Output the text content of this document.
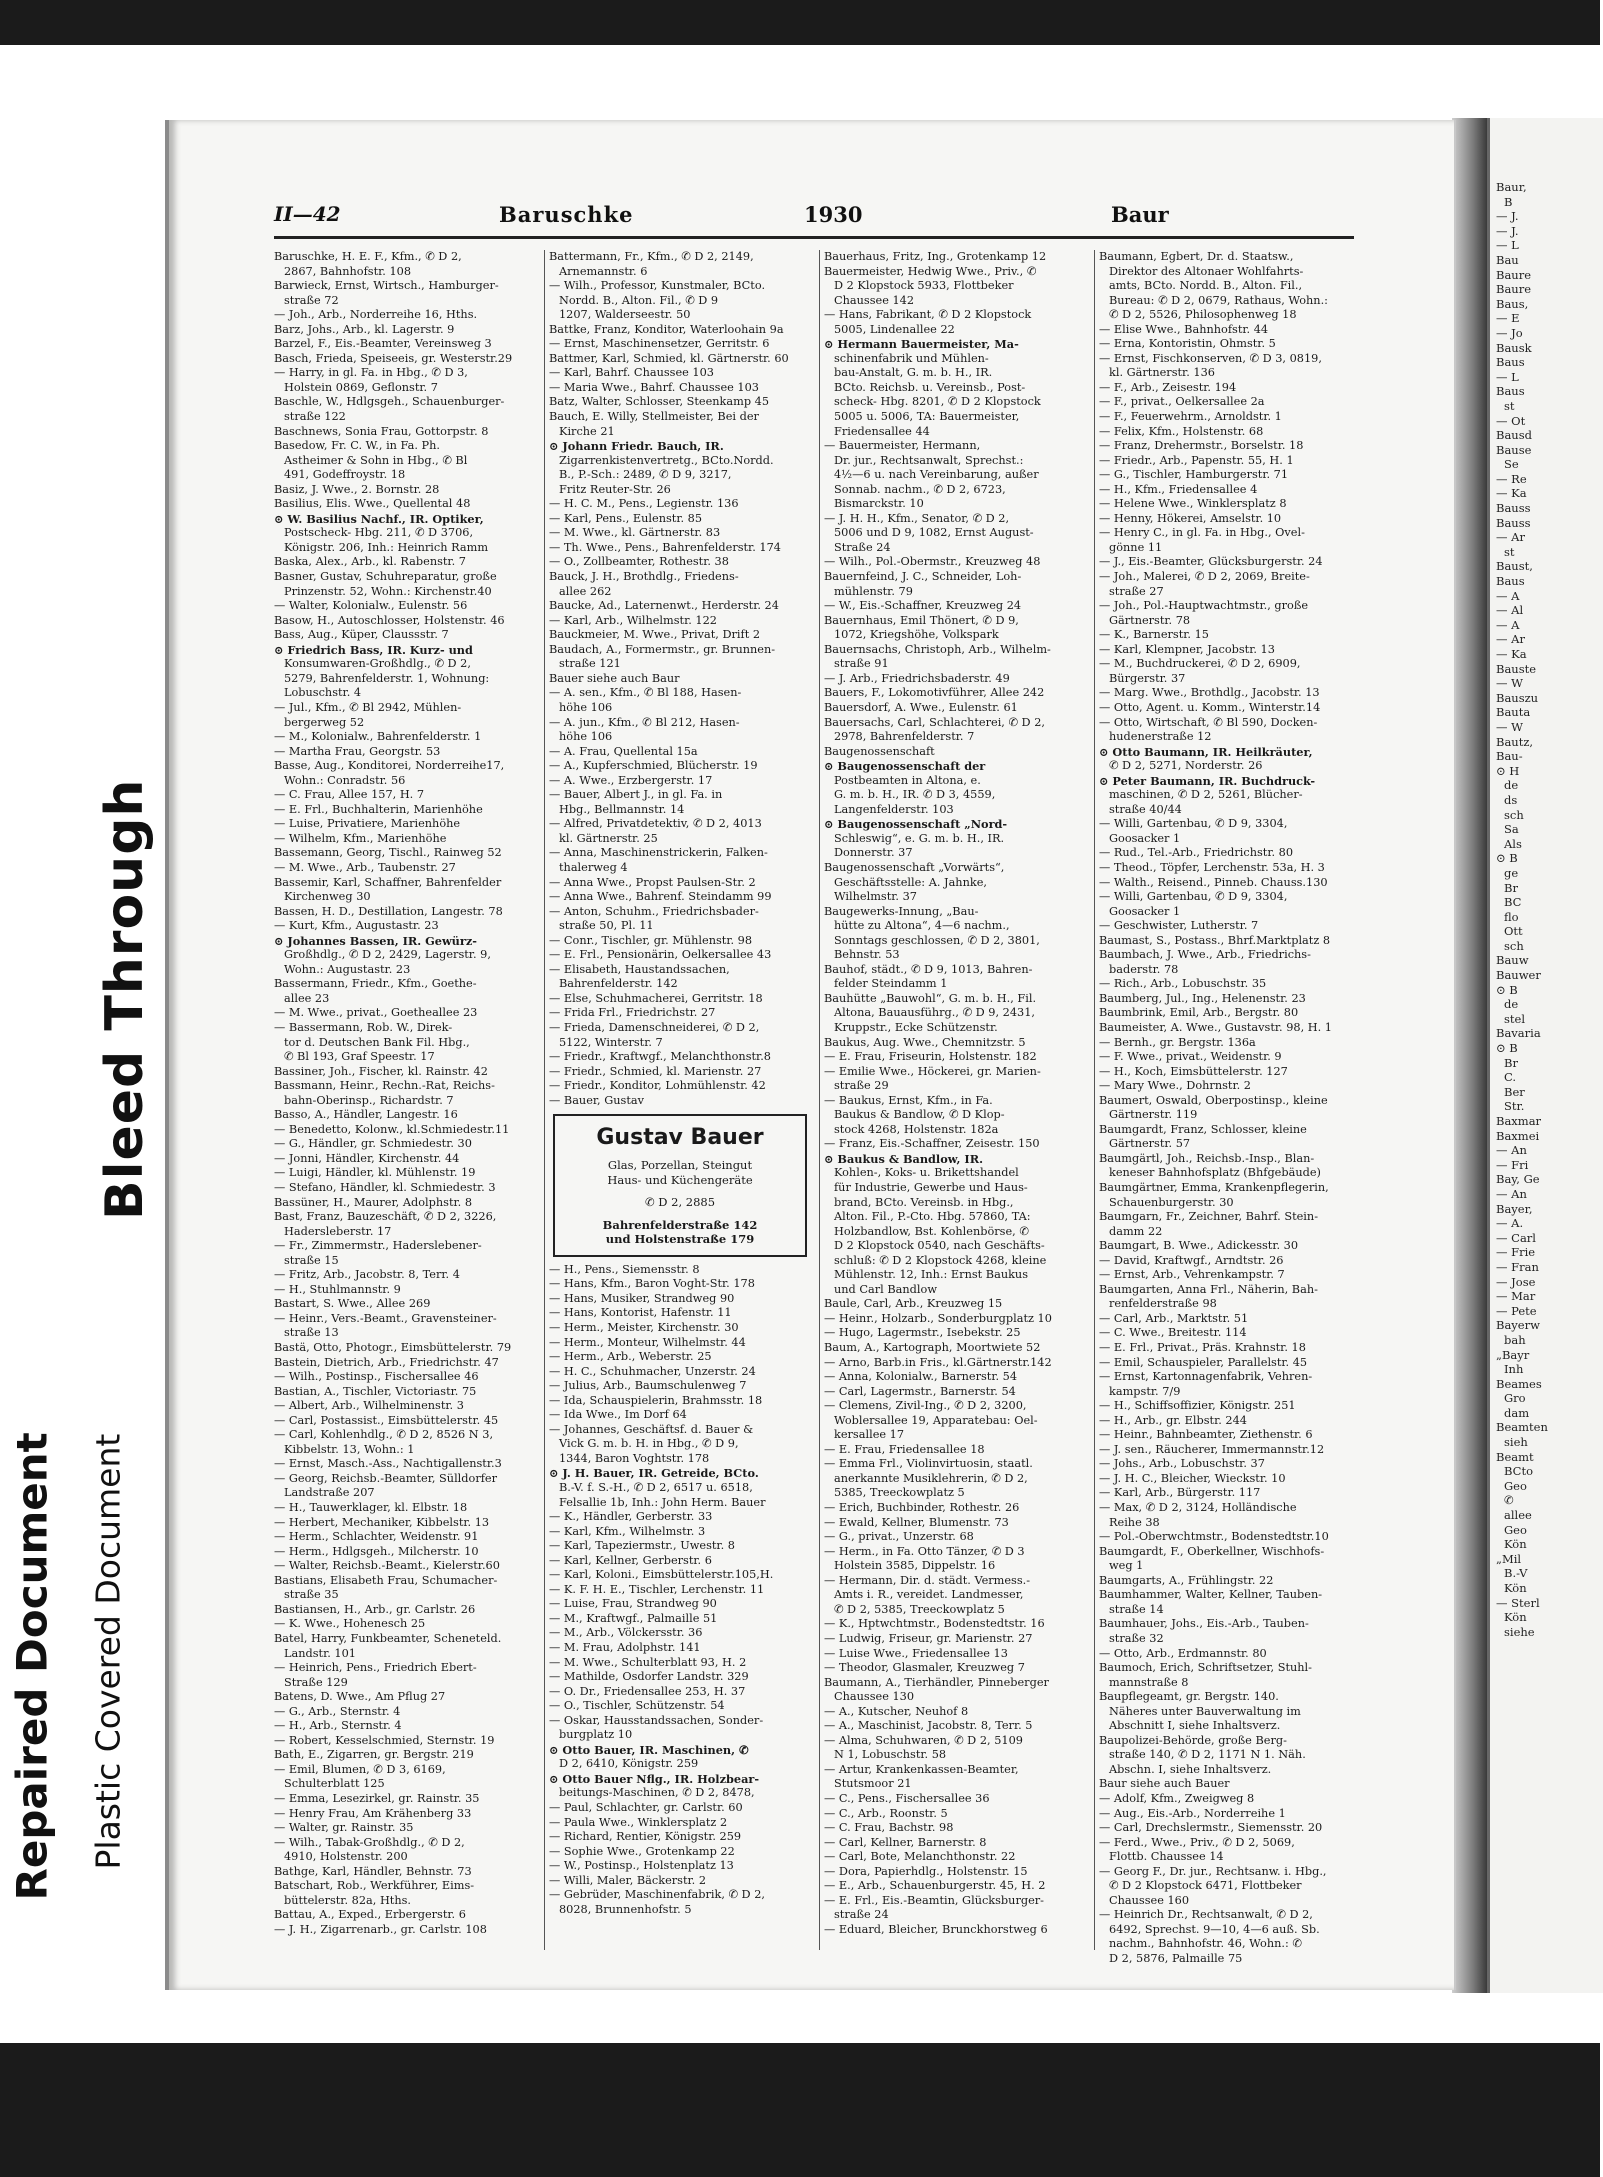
Bleed Through
Repaired Document Plastic Covered Document
Baur,
B
— J.
— J.
— L
Bau
Baure
Baure
Baus,
— E
— Jo
Bausk
Baus
— L
Baus
st
— Ot
Bausd
Bause
Se
— Re
— Ka
Bauss
Bauss
— Ar
st
Baust,
Baus
— A
— Al
— A
— Ar
— Ka
Bauste
— W
Bauszu
Bauta
— W
Bautz,
Bau-
⊙ H
de
ds
sch
Sa
Als
⊙ B
ge
Br
BC
flo
Ott
sch
Bauw
Bauwer
⊙ B
de
stel
Bavaria
⊙ B
Br
C.
Ber
Str.
Baxmar
Baxmei
— An
— Fri
Bay, Ge
— An
Bayer,
— A.
— Carl
— Frie
— Fran
— Jose
— Mar
— Pete
Bayerw
bah
„Bayr
Inh
Beames
Gro
dam
Beamten
sieh
Beamt
BCto
Geo
✆
allee
Geo
Kön
„Mil
B.-V
Kön
— Sterl
Kön
siehe
II—42	Baruschke	1930	Baur
Baruschke, H. E. F., Kfm., ✆ D 2,
2867, Bahnhofstr. 108
Barwieck, Ernst, Wirtsch., Hamburger-
straße 72
— Joh., Arb., Norderreihe 16, Hths.
Barz, Johs., Arb., kl. Lagerstr. 9
Barzel, F., Eis.-Beamter, Vereinsweg 3
Basch, Frieda, Speiseeis, gr. Westerstr.29
— Harry, in gl. Fa. in Hbg., ✆ D 3,
Holstein 0869, Geflonstr. 7
Baschle, W., Hdlgsgeh., Schauenburger-
straße 122
Baschnews, Sonia Frau, Gottorpstr. 8
Basedow, Fr. C. W., in Fa. Ph.
Astheimer & Sohn in Hbg., ✆ Bl
491, Godeffroystr. 18
Basiz, J. Wwe., 2. Bornstr. 28
Basilius, Elis. Wwe., Quellental 48
⊙ W. Basilius Nachf., IR. Optiker,
Postscheck- Hbg. 211, ✆ D 3706,
Königstr. 206, Inh.: Heinrich Ramm
Baska, Alex., Arb., kl. Rabenstr. 7
Basner, Gustav, Schuhreparatur, große
Prinzenstr. 52, Wohn.: Kirchenstr.40
— Walter, Kolonialw., Eulenstr. 56
Basow, H., Autoschlosser, Holstenstr. 46
Bass, Aug., Küper, Claussstr. 7
⊙ Friedrich Bass, IR. Kurz- und
Konsumwaren-Großhdlg., ✆ D 2,
5279, Bahrenfelderstr. 1, Wohnung:
Lobuschstr. 4
— Jul., Kfm., ✆ Bl 2942, Mühlen-
bergerweg 52
— M., Kolonialw., Bahrenfelderstr. 1
— Martha Frau, Georgstr. 53
Basse, Aug., Konditorei, Norderreihe17,
Wohn.: Conradstr. 56
— C. Frau, Allee 157, H. 7
— E. Frl., Buchhalterin, Marienhöhe
— Luise, Privatiere, Marienhöhe
— Wilhelm, Kfm., Marienhöhe
Bassemann, Georg, Tischl., Rainweg 52
— M. Wwe., Arb., Taubenstr. 27
Bassemir, Karl, Schaffner, Bahrenfelder
Kirchenweg 30
Bassen, H. D., Destillation, Langestr. 78
— Kurt, Kfm., Augustastr. 23
⊙ Johannes Bassen, IR. Gewürz-
Großhdlg., ✆ D 2, 2429, Lagerstr. 9,
Wohn.: Augustastr. 23
Bassermann, Friedr., Kfm., Goethe-
allee 23
— M. Wwe., privat., Goetheallee 23
— Bassermann, Rob. W., Direk-
tor d. Deutschen Bank Fil. Hbg.,
✆ Bl 193, Graf Speestr. 17
Bassiner, Joh., Fischer, kl. Rainstr. 42
Bassmann, Heinr., Rechn.-Rat, Reichs-
bahn-Oberinsp., Richardstr. 7
Basso, A., Händler, Langestr. 16
— Benedetto, Kolonw., kl.Schmiedestr.11
— G., Händler, gr. Schmiedestr. 30
— Jonni, Händler, Kirchenstr. 44
— Luigi, Händler, kl. Mühlenstr. 19
— Stefano, Händler, kl. Schmiedestr. 3
Bassüner, H., Maurer, Adolphstr. 8
Bast, Franz, Bauzeschäft, ✆ D 2, 3226,
Hadersleberstr. 17
— Fr., Zimmermstr., Haderslebener-
straße 15
— Fritz, Arb., Jacobstr. 8, Terr. 4
— H., Stuhlmannstr. 9
Bastart, S. Wwe., Allee 269
— Heinr., Vers.-Beamt., Gravensteiner-
straße 13
Bastä, Otto, Photogr., Eimsbüttelerstr. 79
Bastein, Dietrich, Arb., Friedrichstr. 47
— Wilh., Postinsp., Fischersallee 46
Bastian, A., Tischler, Victoriastr. 75
— Albert, Arb., Wilhelminenstr. 3
— Carl, Postassist., Eimsbüttelerstr. 45
— Carl, Kohlenhdlg., ✆ D 2, 8526 N 3,
Kibbelstr. 13, Wohn.: 1
— Ernst, Masch.-Ass., Nachtigallenstr.3
— Georg, Reichsb.-Beamter, Sülldorfer
Landstraße 207
— H., Tauwerklager, kl. Elbstr. 18
— Herbert, Mechaniker, Kibbelstr. 13
— Herm., Schlachter, Weidenstr. 91
— Herm., Hdlgsgeh., Milcherstr. 10
— Walter, Reichsb.-Beamt., Kielerstr.60
Bastians, Elisabeth Frau, Schumacher-
straße 35
Bastiansen, H., Arb., gr. Carlstr. 26
— K. Wwe., Hohenesch 25
Batel, Harry, Funkbeamter, Scheneteld.
Landstr. 101
— Heinrich, Pens., Friedrich Ebert-
Straße 129
Batens, D. Wwe., Am Pflug 27
— G., Arb., Sternstr. 4
— H., Arb., Sternstr. 4
— Robert, Kesselschmied, Sternstr. 19
Bath, E., Zigarren, gr. Bergstr. 219
— Emil, Blumen, ✆ D 3, 6169,
Schulterblatt 125
— Emma, Lesezirkel, gr. Rainstr. 35
— Henry Frau, Am Krähenberg 33
— Walter, gr. Rainstr. 35
— Wilh., Tabak-Großhdlg., ✆ D 2,
4910, Holstenstr. 200
Bathge, Karl, Händler, Behnstr. 73
Batschart, Rob., Werkführer, Eims-
büttelerstr. 82a, Hths.
Battau, A., Exped., Erbergerstr. 6
— J. H., Zigarrenarb., gr. Carlstr. 108
Battermann, Fr., Kfm., ✆ D 2, 2149,
Arnemannstr. 6
— Wilh., Professor, Kunstmaler, BCto.
Nordd. B., Alton. Fil., ✆ D 9
1207, Walderseestr. 50
Battke, Franz, Konditor, Waterloohain 9a
— Ernst, Maschinensetzer, Gerritstr. 6
Battmer, Karl, Schmied, kl. Gärtnerstr. 60
— Karl, Bahrf. Chaussee 103
— Maria Wwe., Bahrf. Chaussee 103
Batz, Walter, Schlosser, Steenkamp 45
Bauch, E. Willy, Stellmeister, Bei der
Kirche 21
⊙ Johann Friedr. Bauch, IR.
Zigarrenkistenvertretg., BCto.Nordd.
B., P.-Sch.: 2489, ✆ D 9, 3217,
Fritz Reuter-Str. 26
— H. C. M., Pens., Legienstr. 136
— Karl, Pens., Eulenstr. 85
— M. Wwe., kl. Gärtnerstr. 83
— Th. Wwe., Pens., Bahrenfelderstr. 174
— O., Zollbeamter, Rothestr. 38
Bauck, J. H., Brothdlg., Friedens-
allee 262
Baucke, Ad., Laternenwt., Herderstr. 24
— Karl, Arb., Wilhelmstr. 122
Bauckmeier, M. Wwe., Privat, Drift 2
Baudach, A., Formermstr., gr. Brunnen-
straße 121
Bauer siehe auch Baur
— A. sen., Kfm., ✆ Bl 188, Hasen-
höhe 106
— A. jun., Kfm., ✆ Bl 212, Hasen-
höhe 106
— A. Frau, Quellental 15a
— A., Kupferschmied, Blücherstr. 19
— A. Wwe., Erzbergerstr. 17
— Bauer, Albert J., in gl. Fa. in
Hbg., Bellmannstr. 14
— Alfred, Privatdetektiv, ✆ D 2, 4013
kl. Gärtnerstr. 25
— Anna, Maschinenstrickerin, Falken-
thalerweg 4
— Anna Wwe., Propst Paulsen-Str. 2
— Anna Wwe., Bahrenf. Steindamm 99
— Anton, Schuhm., Friedrichsbader-
straße 50, Pl. 11
— Conr., Tischler, gr. Mühlenstr. 98
— E. Frl., Pensionärin, Oelkersallee 43
— Elisabeth, Haustandssachen,
Bahrenfelderstr. 142
— Else, Schuhmacherei, Gerritstr. 18
— Frida Frl., Friedrichstr. 27
— Frieda, Damenschneiderei, ✆ D 2,
5122, Winterstr. 7
— Friedr., Kraftwgf., Melanchthonstr.8
— Friedr., Schmied, kl. Marienstr. 27
— Friedr., Konditor, Lohmühlenstr. 42
— Bauer, Gustav
Gustav Bauer
Glas, Porzellan, Steingut
Haus- und Küchengeräte
✆ D 2, 2885
Bahrenfelderstraße 142
und Holstenstraße 179
— H., Pens., Siemensstr. 8
— Hans, Kfm., Baron Voght-Str. 178
— Hans, Musiker, Strandweg 90
— Hans, Kontorist, Hafenstr. 11
— Herm., Meister, Kirchenstr. 30
— Herm., Monteur, Wilhelmstr. 44
— Herm., Arb., Weberstr. 25
— H. C., Schuhmacher, Unzerstr. 24
— Julius, Arb., Baumschulenweg 7
— Ida, Schauspielerin, Brahmsstr. 18
— Ida Wwe., Im Dorf 64
— Johannes, Geschäftsf. d. Bauer &
Vick G. m. b. H. in Hbg., ✆ D 9,
1344, Baron Voghtstr. 178
⊙ J. H. Bauer, IR. Getreide, BCto.
B.-V. f. S.-H., ✆ D 2, 6517 u. 6518,
Felsallie 1b, Inh.: John Herm. Bauer
— K., Händler, Gerberstr. 33
— Karl, Kfm., Wilhelmstr. 3
— Karl, Tapeziermstr., Uwestr. 8
— Karl, Kellner, Gerberstr. 6
— Karl, Koloni., Eimsbüttelerstr.105,H.
— K. F. H. E., Tischler, Lerchenstr. 11
— Luise, Frau, Strandweg 90
— M., Kraftwgf., Palmaille 51
— M., Arb., Völckersstr. 36
— M. Frau, Adolphstr. 141
— M. Wwe., Schulterblatt 93, H. 2
— Mathilde, Osdorfer Landstr. 329
— O. Dr., Friedensallee 253, H. 37
— O., Tischler, Schützenstr. 54
— Oskar, Hausstandssachen, Sonder-
burgplatz 10
⊙ Otto Bauer, IR. Maschinen, ✆
D 2, 6410, Königstr. 259
⊙ Otto Bauer Nflg., IR. Holzbear-
beitungs-Maschinen, ✆ D 2, 8478,
— Paul, Schlachter, gr. Carlstr. 60
— Paula Wwe., Winklersplatz 2
— Richard, Rentier, Königstr. 259
— Sophie Wwe., Grotenkamp 22
— W., Postinsp., Holstenplatz 13
— Willi, Maler, Bäckerstr. 2
— Gebrüder, Maschinenfabrik, ✆ D 2,
8028, Brunnenhofstr. 5
Bauerhaus, Fritz, Ing., Grotenkamp 12
Bauermeister, Hedwig Wwe., Priv., ✆
D 2 Klopstock 5933, Flottbeker
Chaussee 142
— Hans, Fabrikant, ✆ D 2 Klopstock
5005, Lindenallee 22
⊙ Hermann Bauermeister, Ma-
schinenfabrik und Mühlen-
bau-Anstalt, G. m. b. H., IR.
BCto. Reichsb. u. Vereinsb., Post-
scheck- Hbg. 8201, ✆ D 2 Klopstock
5005 u. 5006, TA: Bauermeister,
Friedensallee 44
— Bauermeister, Hermann,
Dr. jur., Rechtsanwalt, Sprechst.:
4½—6 u. nach Vereinbarung, außer
Sonnab. nachm., ✆ D 2, 6723,
Bismarckstr. 10
— J. H. H., Kfm., Senator, ✆ D 2,
5006 und D 9, 1082, Ernst August-
Straße 24
— Wilh., Pol.-Obermstr., Kreuzweg 48
Bauernfeind, J. C., Schneider, Loh-
mühlenstr. 79
— W., Eis.-Schaffner, Kreuzweg 24
Bauernhaus, Emil Thönert, ✆ D 9,
1072, Kriegshöhe, Volkspark
Bauernsachs, Christoph, Arb., Wilhelm-
straße 91
— J. Arb., Friedrichsbaderstr. 49
Bauers, F., Lokomotivführer, Allee 242
Bauersdorf, A. Wwe., Eulenstr. 61
Bauersachs, Carl, Schlachterei, ✆ D 2,
2978, Bahrenfelderstr. 7
Baugenossenschaft
⊙ Baugenossenschaft der
Postbeamten in Altona, e.
G. m. b. H., IR. ✆ D 3, 4559,
Langenfelderstr. 103
⊙ Baugenossenschaft „Nord-
Schleswig“, e. G. m. b. H., IR.
Donnerstr. 37
Baugenossenschaft „Vorwärts“,
Geschäftsstelle: A. Jahnke,
Wilhelmstr. 37
Baugewerks-Innung, „Bau-
hütte zu Altona“, 4—6 nachm.,
Sonntags geschlossen, ✆ D 2, 3801,
Behnstr. 53
Bauhof, städt., ✆ D 9, 1013, Bahren-
felder Steindamm 1
Bauhütte „Bauwohl“, G. m. b. H., Fil.
Altona, Bauausführg., ✆ D 9, 2431,
Kruppstr., Ecke Schützenstr.
Baukus, Aug. Wwe., Chemnitzstr. 5
— E. Frau, Friseurin, Holstenstr. 182
— Emilie Wwe., Höckerei, gr. Marien-
straße 29
— Baukus, Ernst, Kfm., in Fa.
Baukus & Bandlow, ✆ D Klop-
stock 4268, Holstenstr. 182a
— Franz, Eis.-Schaffner, Zeisestr. 150
⊙ Baukus & Bandlow, IR.
Kohlen-, Koks- u. Brikettshandel
für Industrie, Gewerbe und Haus-
brand, BCto. Vereinsb. in Hbg.,
Alton. Fil., P.-Cto. Hbg. 57860, TA:
Holzbandlow, Bst. Kohlenbörse, ✆
D 2 Klopstock 0540, nach Geschäfts-
schluß: ✆ D 2 Klopstock 4268, kleine
Mühlenstr. 12, Inh.: Ernst Baukus
und Carl Bandlow
Baule, Carl, Arb., Kreuzweg 15
— Heinr., Holzarb., Sonderburgplatz 10
— Hugo, Lagermstr., Isebekstr. 25
Baum, A., Kartograph, Moortwiete 52
— Arno, Barb.in Fris., kl.Gärtnerstr.142
— Anna, Kolonialw., Barnerstr. 54
— Carl, Lagermstr., Barnerstr. 54
— Clemens, Zivil-Ing., ✆ D 2, 3200,
Woblersallee 19, Apparatebau: Oel-
kersallee 17
— E. Frau, Friedensallee 18
— Emma Frl., Violinvirtuosin, staatl.
anerkannte Musiklehrerin, ✆ D 2,
5385, Treeckowplatz 5
— Erich, Buchbinder, Rothestr. 26
— Ewald, Kellner, Blumenstr. 73
— G., privat., Unzerstr. 68
— Herm., in Fa. Otto Tänzer, ✆ D 3
Holstein 3585, Dippelstr. 16
— Hermann, Dir. d. städt. Vermess.-
Amts i. R., vereidet. Landmesser,
✆ D 2, 5385, Treeckowplatz 5
— K., Hptwchtmstr., Bodenstedtstr. 16
— Ludwig, Friseur, gr. Marienstr. 27
— Luise Wwe., Friedensallee 13
— Theodor, Glasmaler, Kreuzweg 7
Baumann, A., Tierhändler, Pinneberger
Chaussee 130
— A., Kutscher, Neuhof 8
— A., Maschinist, Jacobstr. 8, Terr. 5
— Alma, Schuhwaren, ✆ D 2, 5109
N 1, Lobuschstr. 58
— Artur, Krankenkassen-Beamter,
Stutsmoor 21
— C., Pens., Fischersallee 36
— C., Arb., Roonstr. 5
— C. Frau, Bachstr. 98
— Carl, Kellner, Barnerstr. 8
— Carl, Bote, Melanchthonstr. 22
— Dora, Papierhdlg., Holstenstr. 15
— E., Arb., Schauenburgerstr. 45, H. 2
— E. Frl., Eis.-Beamtin, Glücksburger-
straße 24
— Eduard, Bleicher, Brunckhorstweg 6
Baumann, Egbert, Dr. d. Staatsw.,
Direktor des Altonaer Wohlfahrts-
amts, BCto. Nordd. B., Alton. Fil.,
Bureau: ✆ D 2, 0679, Rathaus, Wohn.:
✆ D 2, 5526, Philosophenweg 18
— Elise Wwe., Bahnhofstr. 44
— Erna, Kontoristin, Ohmstr. 5
— Ernst, Fischkonserven, ✆ D 3, 0819,
kl. Gärtnerstr. 136
— F., Arb., Zeisestr. 194
— F., privat., Oelkersallee 2a
— F., Feuerwehrm., Arnoldstr. 1
— Felix, Kfm., Holstenstr. 68
— Franz, Drehermstr., Borselstr. 18
— Friedr., Arb., Papenstr. 55, H. 1
— G., Tischler, Hamburgerstr. 71
— H., Kfm., Friedensallee 4
— Helene Wwe., Winklersplatz 8
— Henny, Hökerei, Amselstr. 10
— Henry C., in gl. Fa. in Hbg., Ovel-
gönne 11
— J., Eis.-Beamter, Glücksburgerstr. 24
— Joh., Malerei, ✆ D 2, 2069, Breite-
straße 27
— Joh., Pol.-Hauptwachtmstr., große
Gärtnerstr. 78
— K., Barnerstr. 15
— Karl, Klempner, Jacobstr. 13
— M., Buchdruckerei, ✆ D 2, 6909,
Bürgerstr. 37
— Marg. Wwe., Brothdlg., Jacobstr. 13
— Otto, Agent. u. Komm., Winterstr.14
— Otto, Wirtschaft, ✆ Bl 590, Docken-
hudenerstraße 12
⊙ Otto Baumann, IR. Heilkräuter,
✆ D 2, 5271, Norderstr. 26
⊙ Peter Baumann, IR. Buchdruck-
maschinen, ✆ D 2, 5261, Blücher-
straße 40/44
— Willi, Gartenbau, ✆ D 9, 3304,
Goosacker 1
— Rud., Tel.-Arb., Friedrichstr. 80
— Theod., Töpfer, Lerchenstr. 53a, H. 3
— Walth., Reisend., Pinneb. Chauss.130
— Willi, Gartenbau, ✆ D 9, 3304,
Goosacker 1
— Geschwister, Lutherstr. 7
Baumast, S., Postass., Bhrf.Marktplatz 8
Baumbach, J. Wwe., Arb., Friedrichs-
baderstr. 78
— Rich., Arb., Lobuschstr. 35
Baumberg, Jul., Ing., Helenenstr. 23
Baumbrink, Emil, Arb., Bergstr. 80
Baumeister, A. Wwe., Gustavstr. 98, H. 1
— Bernh., gr. Bergstr. 136a
— F. Wwe., privat., Weidenstr. 9
— H., Koch, Eimsbüttelerstr. 127
— Mary Wwe., Dohrnstr. 2
Baumert, Oswald, Oberpostinsp., kleine
Gärtnerstr. 119
Baumgardt, Franz, Schlosser, kleine
Gärtnerstr. 57
Baumgärtl, Joh., Reichsb.-Insp., Blan-
keneser Bahnhofsplatz (Bhfgebäude)
Baumgärtner, Emma, Krankenpflegerin,
Schauenburgerstr. 30
Baumgarn, Fr., Zeichner, Bahrf. Stein-
damm 22
Baumgart, B. Wwe., Adickesstr. 30
— David, Kraftwgf., Arndtstr. 26
— Ernst, Arb., Vehrenkampstr. 7
Baumgarten, Anna Frl., Näherin, Bah-
renfelderstraße 98
— Carl, Arb., Marktstr. 51
— C. Wwe., Breitestr. 114
— E. Frl., Privat., Präs. Krahnstr. 18
— Emil, Schauspieler, Parallelstr. 45
— Ernst, Kartonnagenfabrik, Vehren-
kampstr. 7/9
— H., Schiffsoffizier, Königstr. 251
— H., Arb., gr. Elbstr. 244
— Heinr., Bahnbeamter, Ziethenstr. 6
— J. sen., Räucherer, Immermannstr.12
— Johs., Arb., Lobuschstr. 37
— J. H. C., Bleicher, Wieckstr. 10
— Karl, Arb., Bürgerstr. 117
— Max, ✆ D 2, 3124, Holländische
Reihe 38
— Pol.-Oberwchtmstr., Bodenstedtstr.10
Baumgardt, F., Oberkellner, Wischhofs-
weg 1
Baumgarts, A., Frühlingstr. 22
Baumhammer, Walter, Kellner, Tauben-
straße 14
Baumhauer, Johs., Eis.-Arb., Tauben-
straße 32
— Otto, Arb., Erdmannstr. 80
Baumoch, Erich, Schriftsetzer, Stuhl-
mannstraße 8
Baupflegeamt, gr. Bergstr. 140.
Näheres unter Bauverwaltung im
Abschnitt I, siehe Inhaltsverz.
Baupolizei-Behörde, große Berg-
straße 140, ✆ D 2, 1171 N 1. Näh.
Abschn. I, siehe Inhaltsverz.
Baur siehe auch Bauer
— Adolf, Kfm., Zweigweg 8
— Aug., Eis.-Arb., Norderreihe 1
— Carl, Drechslermstr., Siemensstr. 20
— Ferd., Wwe., Priv., ✆ D 2, 5069,
Flottb. Chaussee 14
— Georg F., Dr. jur., Rechtsanw. i. Hbg.,
✆ D 2 Klopstock 6471, Flottbeker
Chaussee 160
— Heinrich Dr., Rechtsanwalt, ✆ D 2,
6492, Sprechst. 9—10, 4—6 auß. Sb.
nachm., Bahnhofstr. 46, Wohn.: ✆
D 2, 5876, Palmaille 75
